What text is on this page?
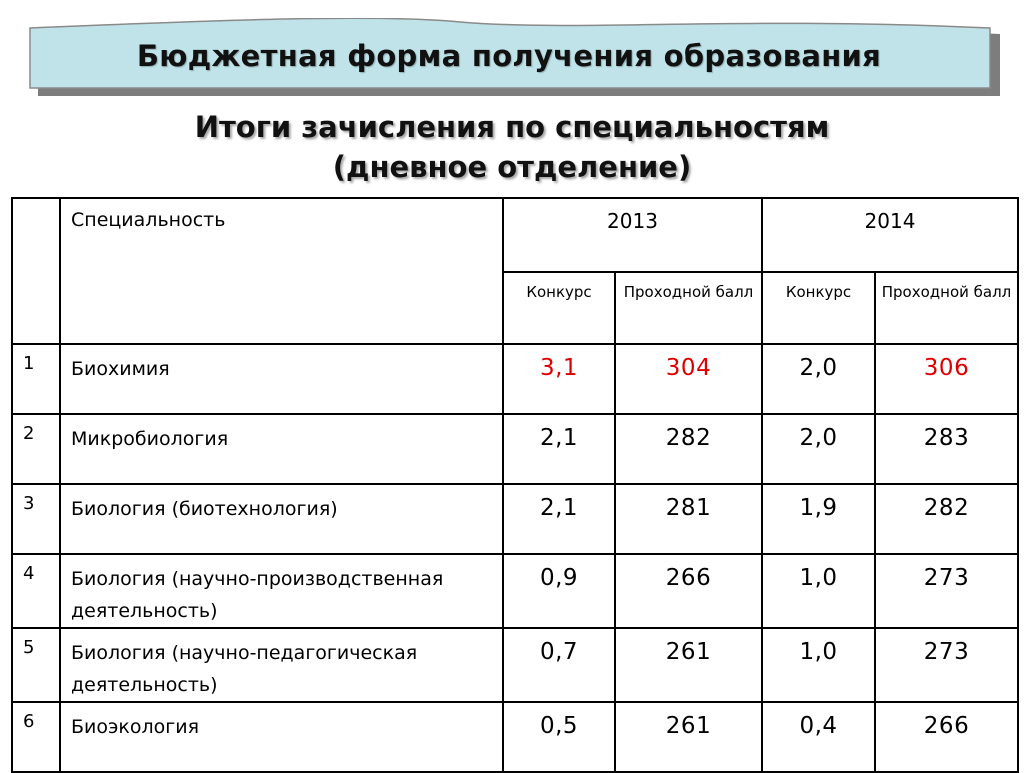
Бюджетная форма получения образования
Итоги зачисления по специальностям
(дневное отделение)
	Специальность	2013		2014	
		Конкурс	Проходной балл	Конкурс	Проходной балл
1	Биохимия	3,1	304	2,0	306
2	Микробиология	2,1	282	2,0	283
3	Биология (биотехнология)	2,1	281	1,9	282
4	Биология (научно-производственная деятельность)	0,9	266	1,0	273
5	Биология (научно-педагогическая деятельность)	0,7	261	1,0	273
6	Биоэкология	0,5	261	0,4	266
